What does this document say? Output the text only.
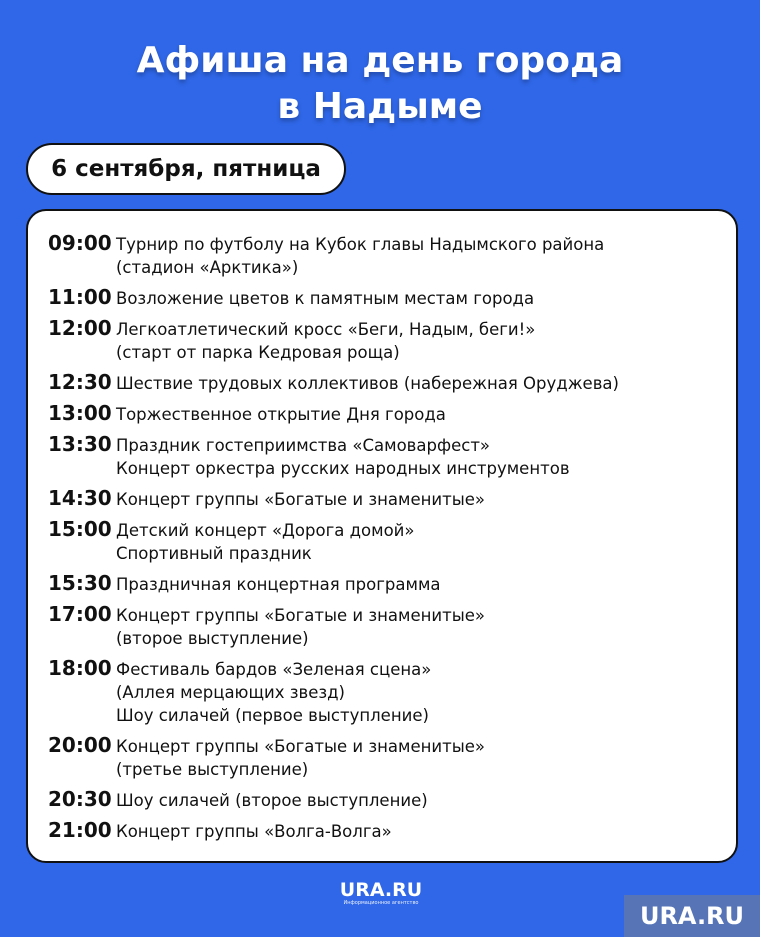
Афиша на день города
в Надыме
6 сентября, пятница
09:00 Турнир по футболу на Кубок главы Надымского района
(стадион «Арктика»)
11:00 Возложение цветов к памятным местам города
12:00 Легкоатлетический кросс «Беги, Надым, беги!»
(старт от парка Кедровая роща)
12:30 Шествие трудовых коллективов (набережная Оруджева)
13:00 Торжественное открытие Дня города
13:30 Праздник гостеприимства «Самоварфест»
Концерт оркестра русских народных инструментов
14:30 Концерт группы «Богатые и знаменитые»
15:00 Детский концерт «Дорога домой»
Спортивный праздник
15:30 Праздничная концертная программа
17:00 Концерт группы «Богатые и знаменитые»
(второе выступление)
18:00 Фестиваль бардов «Зеленая сцена»
(Аллея мерцающих звезд)
Шоу силачей (первое выступление)
20:00 Концерт группы «Богатые и знаменитые»
(третье выступление)
20:30 Шоу силачей (второе выступление)
21:00 Концерт группы «Волга-Волга»
URA.RU
Информационное агентство	URA.RU
